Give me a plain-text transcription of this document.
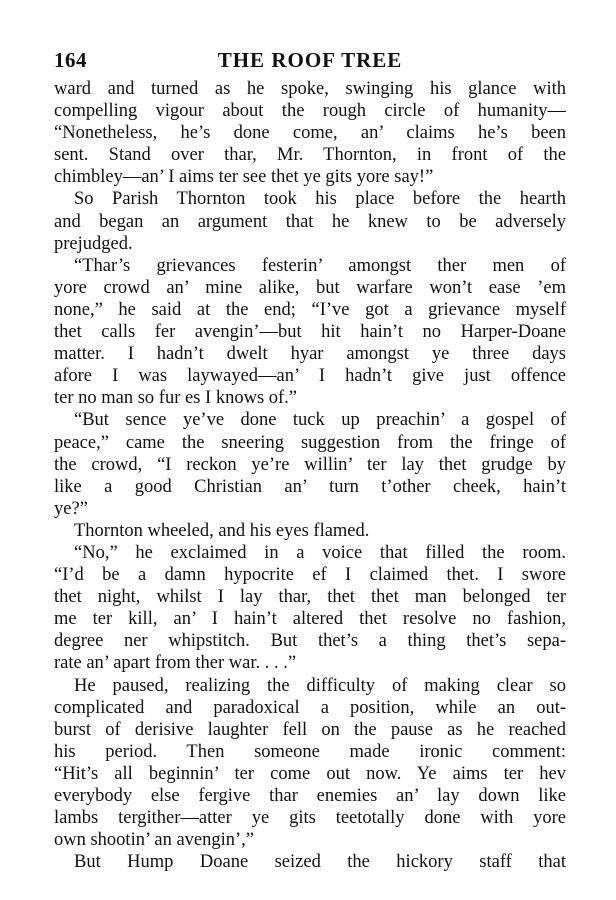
164	THE ROOF TREE
ward and turned as he spoke, swinging his glance with
compelling vigour about the rough circle of humanity—
“Nonetheless, he’s done come, an’ claims he’s been
sent. Stand over thar, Mr. Thornton, in front of the
chimbley—an’ I aims ter see thet ye gits yore say!”
So Parish Thornton took his place before the hearth
and began an argument that he knew to be adversely
prejudged.
“Thar’s grievances festerin’ amongst ther men of
yore crowd an’ mine alike, but warfare won’t ease ’em
none,” he said at the end; “I’ve got a grievance myself
thet calls fer avengin’—but hit hain’t no Harper-Doane
matter. I hadn’t dwelt hyar amongst ye three days
afore I was laywayed—an’ I hadn’t give just offence
ter no man so fur es I knows of.”
“But sence ye’ve done tuck up preachin’ a gospel of
peace,” came the sneering suggestion from the fringe of
the crowd, “I reckon ye’re willin’ ter lay thet grudge by
like a good Christian an’ turn t’other cheek, hain’t
ye?”
Thornton wheeled, and his eyes flamed.
“No,” he exclaimed in a voice that filled the room.
“I’d be a damn hypocrite ef I claimed thet. I swore
thet night, whilst I lay thar, thet thet man belonged ter
me ter kill, an’ I hain’t altered thet resolve no fashion,
degree ner whipstitch. But thet’s a thing thet’s sepa-
rate an’ apart from ther war. . . .”
He paused, realizing the difficulty of making clear so
complicated and paradoxical a position, while an out-
burst of derisive laughter fell on the pause as he reached
his period. Then someone made ironic comment:
“Hit’s all beginnin’ ter come out now. Ye aims ter hev
everybody else fergive thar enemies an’ lay down like
lambs tergither—atter ye gits teetotally done with yore
own shootin’ an avengin’,”
But Hump Doane seized the hickory staff that
